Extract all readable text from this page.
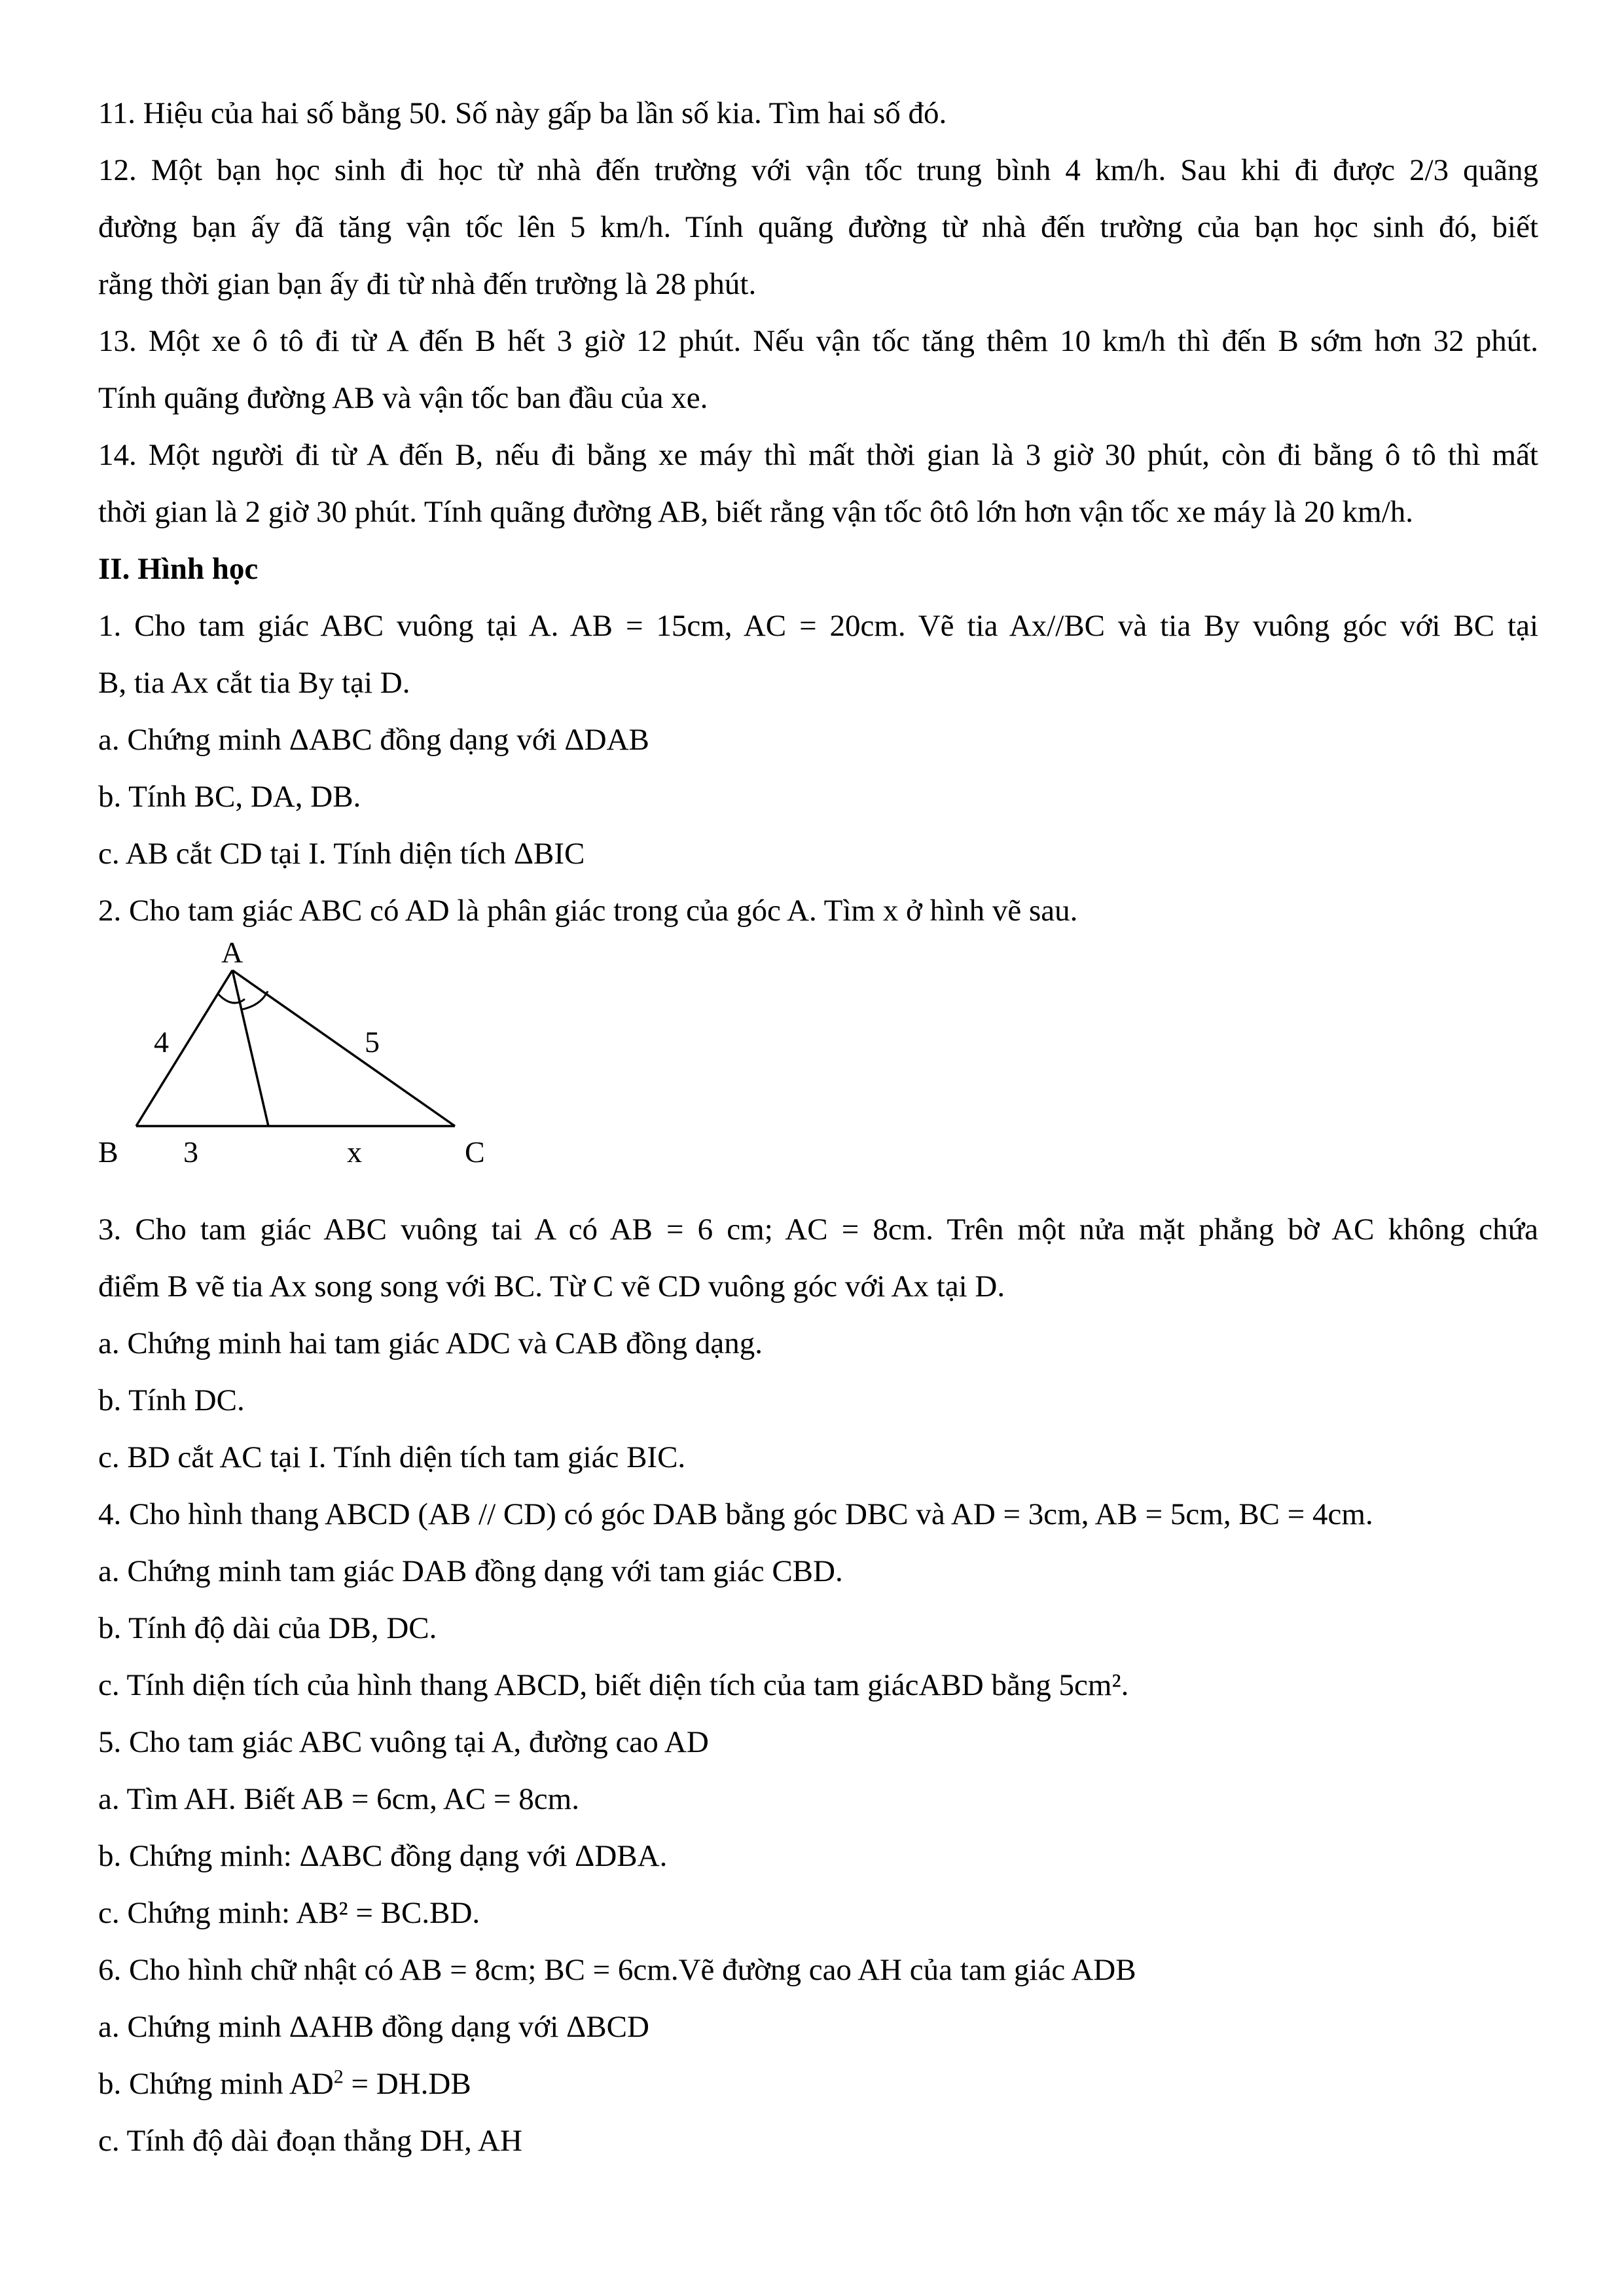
11. Hiệu của hai số bằng 50. Số này gấp ba lần số kia. Tìm hai số đó.

12. Một bạn học sinh đi học từ nhà đến trường với vận tốc trung bình 4 km/h. Sau khi đi được 2/3 quãng

đường bạn ấy đã tăng vận tốc lên 5 km/h. Tính quãng đường từ nhà đến trường của bạn học sinh đó, biết

rằng thời gian bạn ấy đi từ nhà đến trường là 28 phút.

13. Một xe ô tô đi từ A đến B hết 3 giờ 12 phút. Nếu vận tốc tăng thêm 10 km/h thì đến B sớm hơn 32 phút.

Tính quãng đường AB và vận tốc ban đầu của xe.

14. Một người đi từ A đến B, nếu đi bằng xe máy thì mất thời gian là 3 giờ 30 phút, còn đi bằng ô tô thì mất

thời gian là 2 giờ 30 phút. Tính quãng đường AB, biết rằng vận tốc ôtô lớn hơn vận tốc xe máy là 20 km/h.

II. Hình học

1. Cho tam giác ABC vuông tại A. AB = 15cm, AC = 20cm. Vẽ tia Ax//BC và tia By vuông góc với BC tại

B, tia Ax cắt tia By tại D.

a. Chứng minh ΔABC đồng dạng với ΔDAB

b. Tính BC, DA, DB.

c. AB cắt CD tại I. Tính diện tích ΔBIC

2. Cho tam giác ABC có AD là phân giác trong của góc A. Tìm x ở hình vẽ sau.

A
B	C
4	5
3	x

3. Cho tam giác ABC vuông tai A có AB = 6 cm; AC = 8cm. Trên một nửa mặt phẳng bờ AC không chứa

điểm B vẽ tia Ax song song với BC. Từ C vẽ CD vuông góc với Ax tại D.

a. Chứng minh hai tam giác ADC và CAB đồng dạng.

b. Tính DC.

c. BD cắt AC tại I. Tính diện tích tam giác BIC.

4. Cho hình thang ABCD (AB // CD) có góc DAB bằng góc DBC và AD = 3cm, AB = 5cm, BC = 4cm.

a. Chứng minh tam giác DAB đồng dạng với tam giác CBD.

b. Tính độ dài của DB, DC.

c. Tính diện tích của hình thang ABCD, biết diện tích của tam giácABD bằng 5cm².

5. Cho tam giác ABC vuông tại A, đường cao AD

a. Tìm AH. Biết AB = 6cm, AC = 8cm.

b. Chứng minh: ΔABC đồng dạng với ΔDBA.

c. Chứng minh: AB² = BC.BD.

6. Cho hình chữ nhật có AB = 8cm; BC = 6cm.Vẽ đường cao AH của tam giác ADB

a. Chứng minh ΔAHB đồng dạng với ΔBCD

b. Chứng minh $AD^2 = DH.DB$

c. Tính độ dài đoạn thẳng DH, AH
